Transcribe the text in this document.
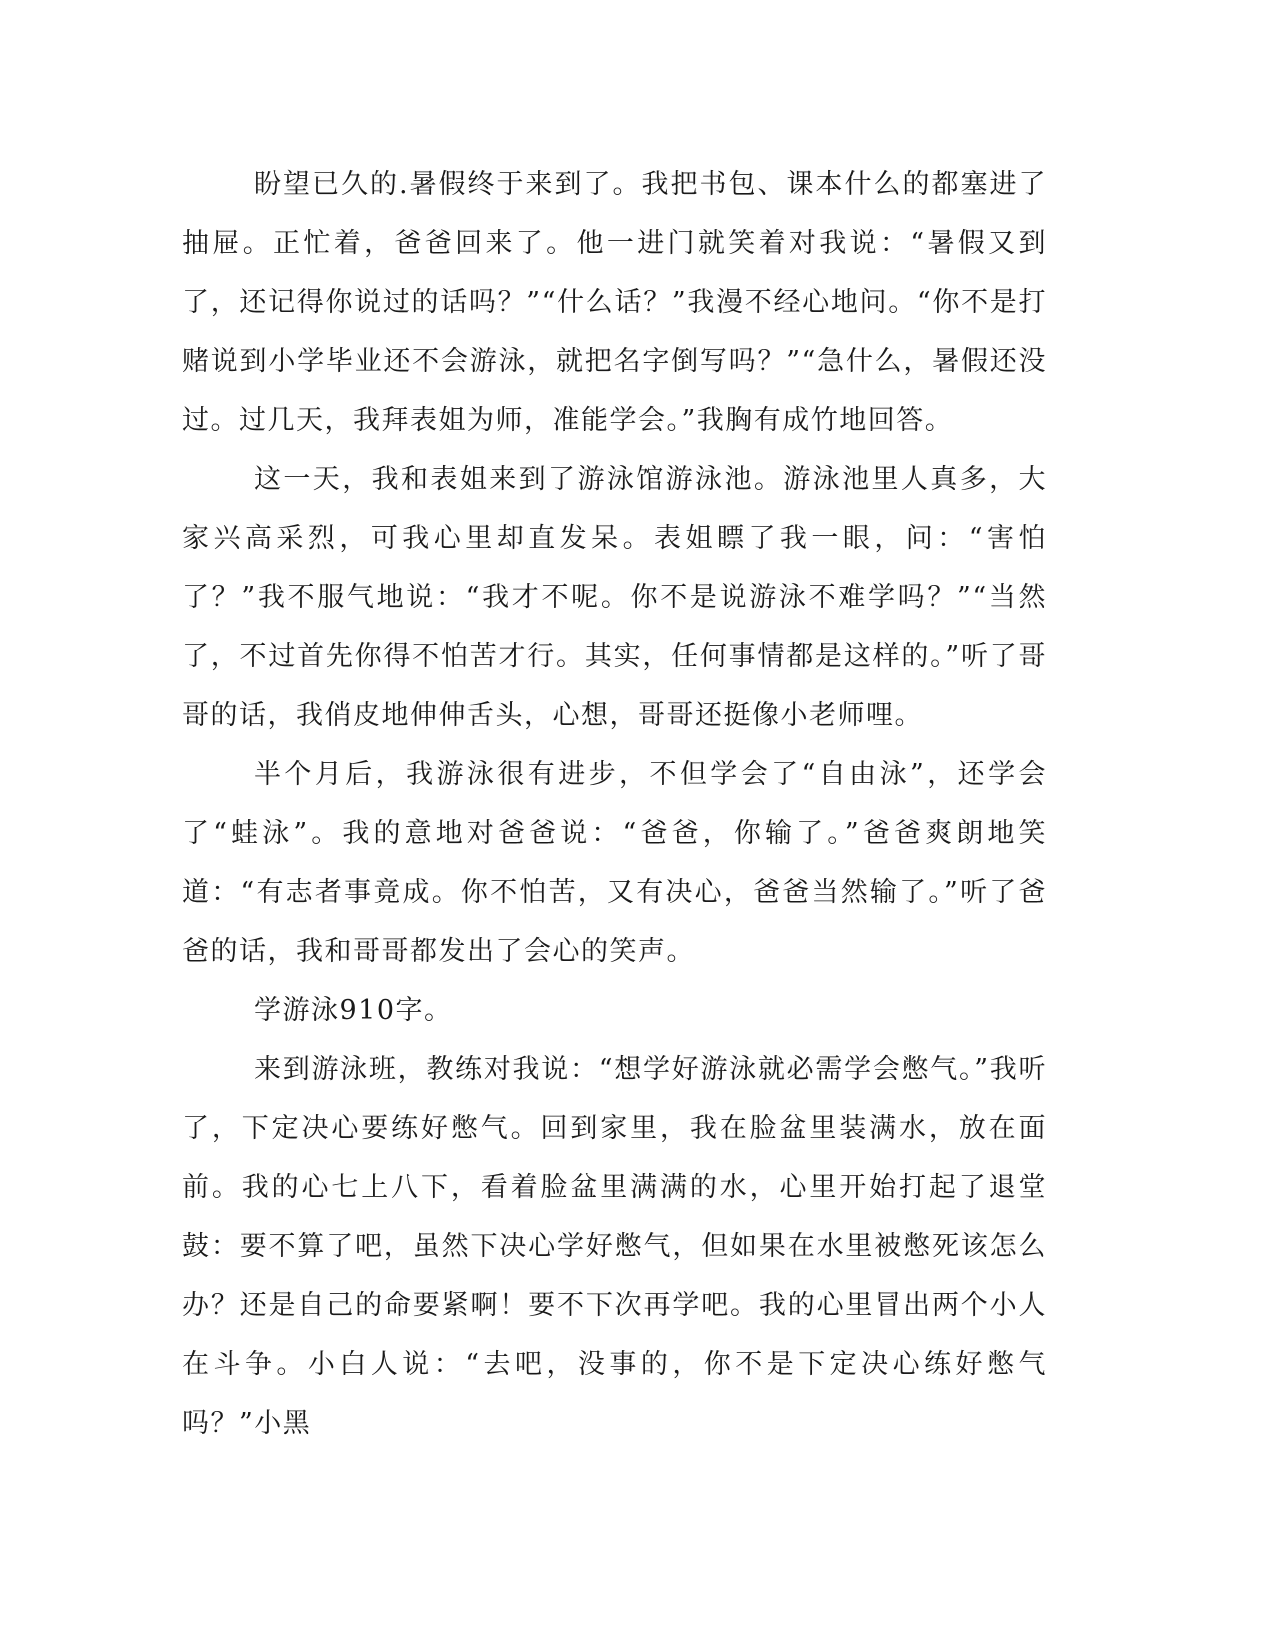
盼望已久的.暑假终于来到了。我把书包、课本什么的都塞进了抽屉。正忙着，爸爸回来了。他一进门就笑着对我说：“暑假又到了，还记得你说过的话吗？”“什么话？”我漫不经心地问。“你不是打赌说到小学毕业还不会游泳，就把名字倒写吗？”“急什么，暑假还没过。过几天，我拜表姐为师，准能学会。”我胸有成竹地回答。

这一天，我和表姐来到了游泳馆游泳池。游泳池里人真多，大家兴高采烈，可我心里却直发呆。表姐瞟了我一眼，问：“害怕了？”我不服气地说：“我才不呢。你不是说游泳不难学吗？”“当然了，不过首先你得不怕苦才行。其实，任何事情都是这样的。”听了哥哥的话，我俏皮地伸伸舌头，心想，哥哥还挺像小老师哩。

半个月后，我游泳很有进步，不但学会了“自由泳”，还学会了“蛙泳”。我的意地对爸爸说：“爸爸，你输了。”爸爸爽朗地笑道：“有志者事竟成。你不怕苦，又有决心，爸爸当然输了。”听了爸爸的话，我和哥哥都发出了会心的笑声。

学游泳910字。

来到游泳班，教练对我说：“想学好游泳就必需学会憋气。”我听了，下定决心要练好憋气。回到家里，我在脸盆里装满水，放在面前。我的心七上八下，看着脸盆里满满的水，心里开始打起了退堂鼓：要不算了吧，虽然下决心学好憋气，但如果在水里被憋死该怎么办？还是自己的命要紧啊！要不下次再学吧。我的心里冒出两个小人在斗争。小白人说：“去吧，没事的，你不是下定决心练好憋气吗？”小黑
